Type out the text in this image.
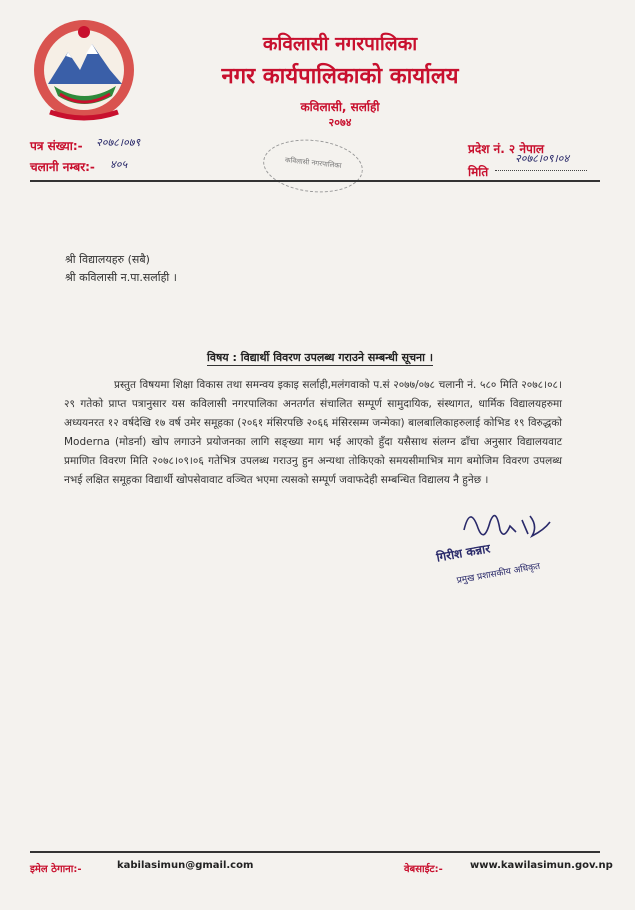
कविलासी नगरपालिका
नगर कार्यपालिकाको कार्यालय
कविलासी, सर्लाही
२०७४
पत्र संख्या:- २०७८।०७९
चलानी नम्बर:- ४०५	कविलासी नगरपालिका
प्रदेश नं. २ नेपाल
२०७८।०९।०४
मिति
श्री विद्यालयहरु (सबै)
श्री कविलासी न.पा.सर्लाही ।
विषय : विद्यार्थी विवरण उपलब्ध गराउने सम्बन्धी सूचना ।
प्रस्तुत विषयमा शिक्षा विकास तथा समन्वय इकाइ सर्लाही,मलंगवाको प.सं २०७७/०७८ चलानी नं. ५८० मिति २०७८।०८।२९ गतेको प्राप्त पत्रानुसार यस कविलासी नगरपालिका अनतर्गत संचालित सम्पूर्ण सामुदायिक, संस्थागत, धार्मिक विद्यालयहरुमा अध्ययनरत १२ वर्षदेखि १७ वर्ष उमेर समूहका (२०६१ मंसिरपछि २०६६ मंसिरसम्म जन्मेका) बालबालिकाहरुलाई कोभिड १९ विरुद्धको Moderna (मोडर्ना) खोप लगाउने प्रयोजनका लागि सङ्ख्या माग भई आएको हुँदा यसैसाथ संलग्न ढाँचा अनुसार विद्यालयवाट प्रमाणित विवरण मिति २०७८।०९।०६ गतेभित्र उपलब्ध गराउनु हुन अन्यथा तोकिएको समयसीमाभित्र माग बमोजिम विवरण उपलब्ध नभई लक्षित समूहका विद्यार्थी खोपसेवावाट वञ्चित भएमा त्यसको सम्पूर्ण जवाफदेही सम्बन्धित विद्यालय नै हुनेछ ।
गिरीश कन्नार
प्रमुख प्रशासकीय अधिकृत
इमेल ठेगाना:-	kabilasimun@gmail.com	वेबसाईट:-	www.kawilasimun.gov.np
